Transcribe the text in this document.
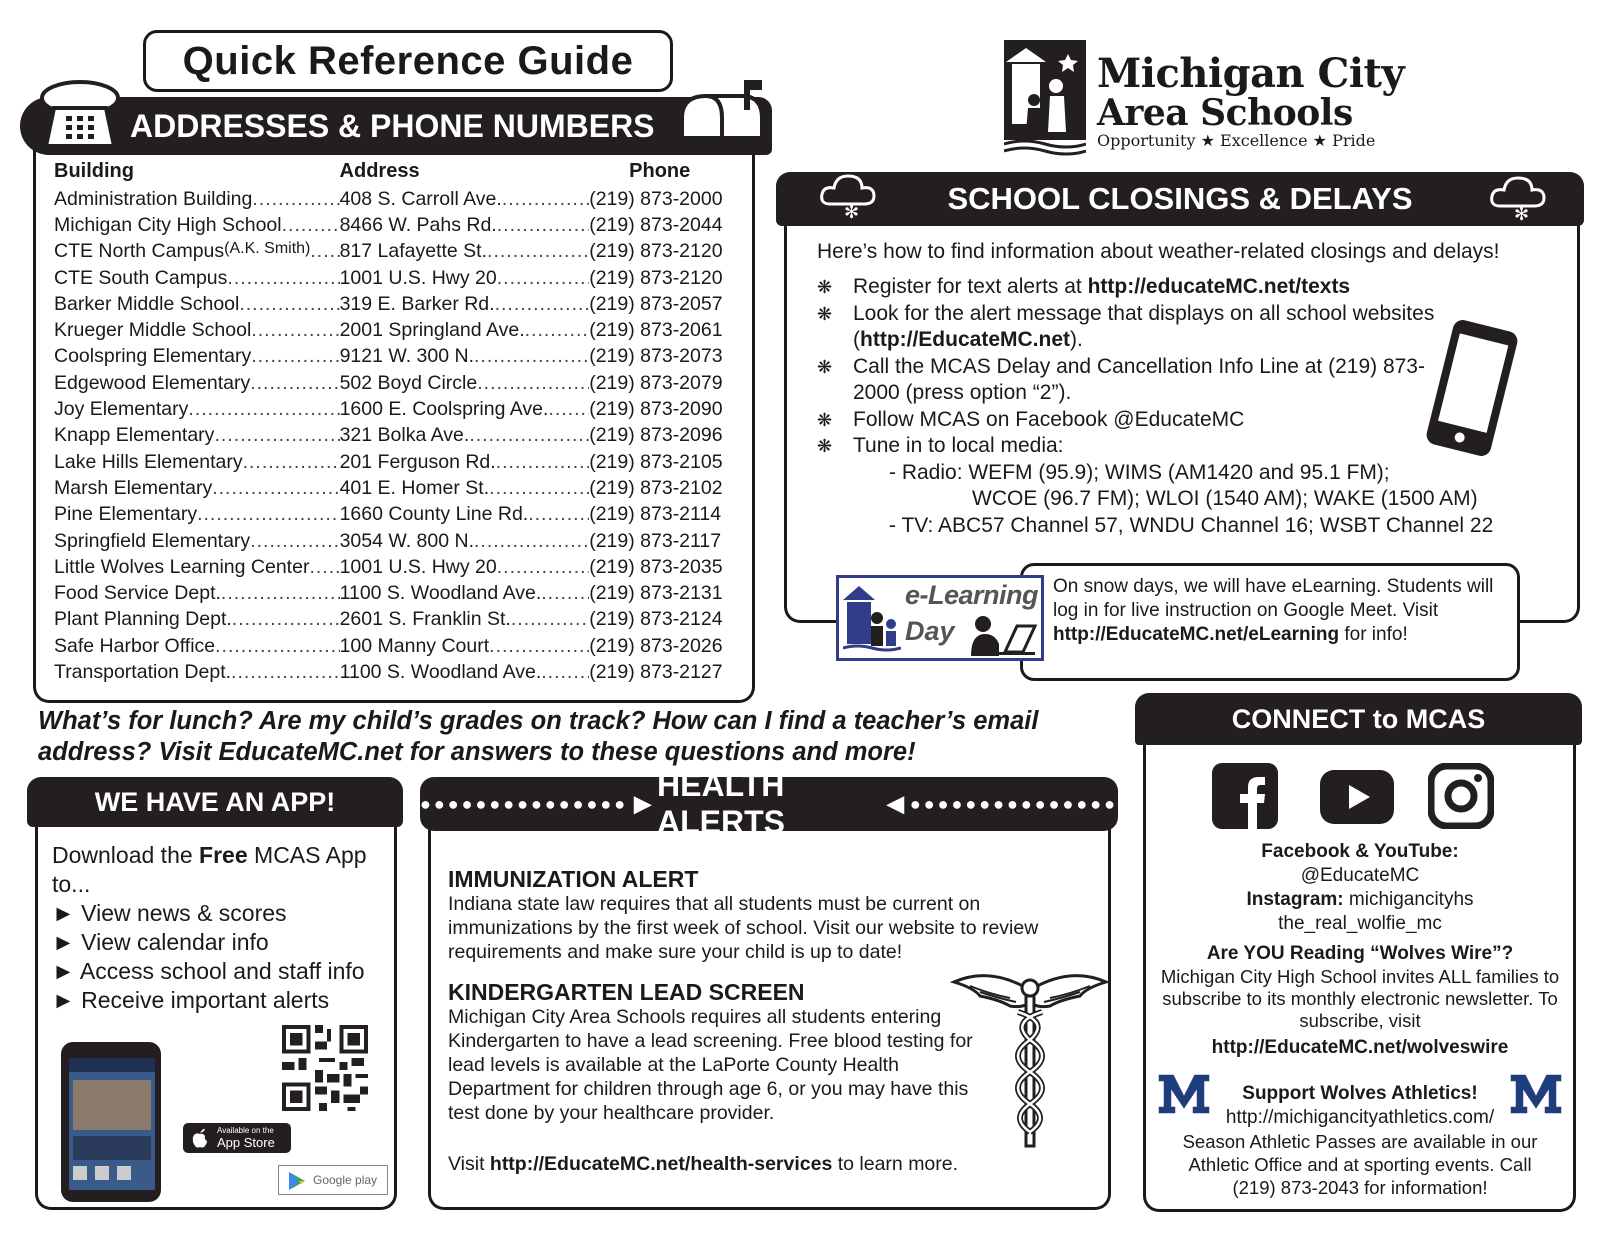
Quick Reference Guide
ADDRESSES & PHONE NUMBERS
Building	Address	Phone
Administration Building .....	408 S. Carroll Ave. .....	(219) 873-2000
Michigan City High School .....	8466 W. Pahs Rd. .....	(219) 873-2044
CTE North Campus (A.K. Smith) ..... 817 Lafayette St. .....	(219) 873-2120
CTE South Campus .....	1001 U.S. Hwy 20 .....	(219) 873-2120
Barker Middle School .....	319 E. Barker Rd. .....	(219) 873-2057
Krueger Middle School .....	2001 Springland Ave. .....	(219) 873-2061
Coolspring Elementary .....	9121 W. 300 N. .....	(219) 873-2073
Edgewood Elementary .....	502 Boyd Circle .....	(219) 873-2079
Joy Elementary .....	1600 E. Coolspring Ave. ..... (219) 873-2090
Knapp Elementary .....	321 Bolka Ave. .....	(219) 873-2096
Lake Hills Elementary .....	201 Ferguson Rd. .....	(219) 873-2105
Marsh Elementary .....	401 E. Homer St. .....	(219) 873-2102
Pine Elementary .....	1660 County Line Rd. .....	(219) 873-2114
Springfield Elementary .....	3054 W. 800 N. .....	(219) 873-2117
Little Wolves Learning Center ..... 1001 U.S. Hwy 20 .....	(219) 873-2035
Food Service Dept. .....	1100 S. Woodland Ave. ..... (219) 873-2131
Plant Planning Dept. .....	2601 S. Franklin St. .....	(219) 873-2124
Safe Harbor Office .....	100 Manny Court .....	(219) 873-2026
Transportation Dept. .....	1100 S. Woodland Ave. ..... (219) 873-2127
Michigan City
Area Schools
Opportunity ★ Excellence ★ Pride
SCHOOL CLOSINGS & DELAYS
✻	✻
Here’s how to find information about weather-related closings and delays!
❋ Register for text alerts at http://educateMC.net/texts
❋ Look for the alert message that displays on all school websites (http://EducateMC.net).
❋ Call the MCAS Delay and Cancellation Info Line at (219) 873-2000 (press option “2”).
❋ Follow MCAS on Facebook @EducateMC
❋ Tune in to local media:
- Radio: WEFM (95.9); WIMS (AM1420 and 95.1 FM);
WCOE (96.7 FM); WLOI (1540 AM); WAKE (1500 AM)
- TV: ABC57 Channel 57, WNDU Channel 16; WSBT Channel 22
On snow days, we will have eLearning. Students will log in for live instruction on Google Meet. Visit http://EducateMC.net/eLearning for info!
e-Learning
Day
What’s for lunch? Are my child’s grades on track? How can I find a teacher’s email address? Visit EducateMC.net for answers to these questions and more!
WE HAVE AN APP!
Download the Free MCAS App to...
► View news & scores
► View calendar info
► Access school and staff info
► Receive important alerts
Available on the
App Store
Google play
●●●●●●●●●●●●●●● ▶
HEALTH ALERTS
◀ ●●●●●●●●●●●●●●●
IMMUNIZATION ALERT
Indiana state law requires that all students must be current on immunizations by the first week of school. Visit our website to review requirements and make sure your child is up to date!
KINDERGARTEN LEAD SCREEN
Michigan City Area Schools requires all students entering Kindergarten to have a lead screening. Free blood testing for lead levels is available at the LaPorte County Health Department for children through age 6, or you may have this test done by your healthcare provider.
Visit http://EducateMC.net/health-services to learn more.
CONNECT to MCAS
Facebook & YouTube:
@EducateMC
Instagram: michigancityhs
the_real_wolfie_mc
Are YOU Reading “Wolves Wire”?
Michigan City High School invites ALL families to subscribe to its monthly electronic newsletter. To subscribe, visit
http://EducateMC.net/wolveswire
Support Wolves Athletics!
http://michigancityathletics.com/
Season Athletic Passes are available in our Athletic Office and at sporting events. Call (219) 873-2043 for information!
